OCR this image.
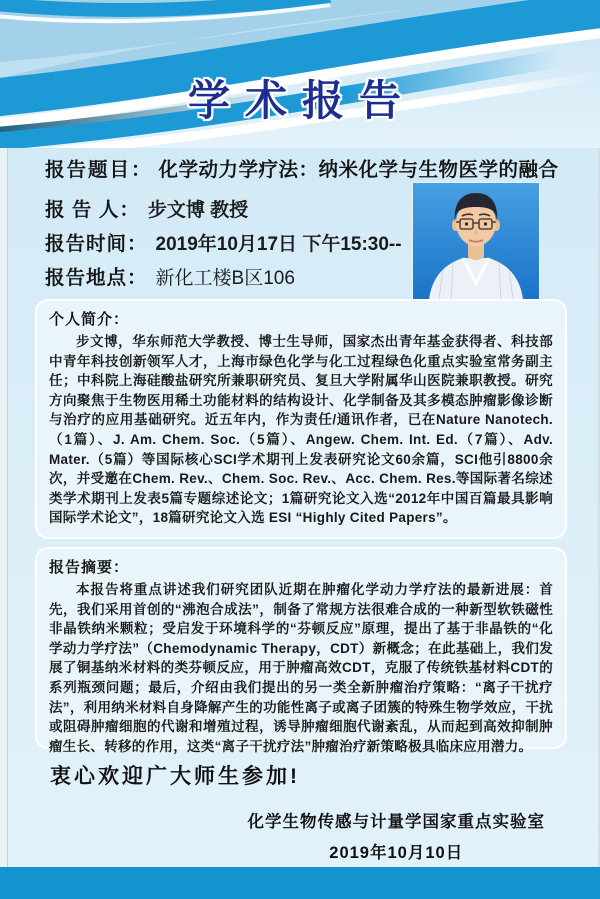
学术报告
报告题目： 化学动力学疗法：纳米化学与生物医学的融合
报 告 人： 步文博 教授
报告时间： 2019年10月17日 下午15:30--
报告地点： 新化工楼B区106
个人简介：

步文博，华东师范大学教授、博士生导师，国家杰出青年基金获得者、科技部中青年科技创新领军人才，上海市绿色化学与化工过程绿色化重点实验室常务副主任；中科院上海硅酸盐研究所兼职研究员、复旦大学附属华山医院兼职教授。研究方向聚焦于生物医用稀土功能材料的结构设计、化学制备及其多模态肿瘤影像诊断与治疗的应用基础研究。近五年内，作为责任/通讯作者，已在Nature Nanotech.（1篇）、J. Am. Chem. Soc.（5篇）、Angew. Chem. Int. Ed.（7篇）、Adv. Mater.（5篇）等国际核心SCI学术期刊上发表研究论文60余篇，SCI他引8800余次，并受邀在Chem. Rev.、Chem. Soc. Rev.、Acc. Chem. Res.等国际著名综述类学术期刊上发表5篇专题综述论文；1篇研究论文入选“2012年中国百篇最具影响国际学术论文”，18篇研究论文入选 ESI “Highly Cited Papers”。

报告摘要：

本报告将重点讲述我们研究团队近期在肿瘤化学动力学疗法的最新进展：首先，我们采用首创的“沸泡合成法”，制备了常规方法很难合成的一种新型软铁磁性非晶铁纳米颗粒；受启发于环境科学的“芬顿反应”原理，提出了基于非晶铁的“化学动力学疗法”（Chemodynamic Therapy，CDT）新概念；在此基础上，我们发展了铜基纳米材料的类芬顿反应，用于肿瘤高效CDT，克服了传统铁基材料CDT的系列瓶颈问题；最后，介绍由我们提出的另一类全新肿瘤治疗策略：“离子干扰疗法”，利用纳米材料自身降解产生的功能性离子或离子团簇的特殊生物学效应，干扰或阻碍肿瘤细胞的代谢和增殖过程，诱导肿瘤细胞代谢紊乱，从而起到高效抑制肿瘤生长、转移的作用，这类“离子干扰疗法”肿瘤治疗新策略极具临床应用潜力。

衷心欢迎广大师生参加!
化学生物传感与计量学国家重点实验室
2019年10月10日
